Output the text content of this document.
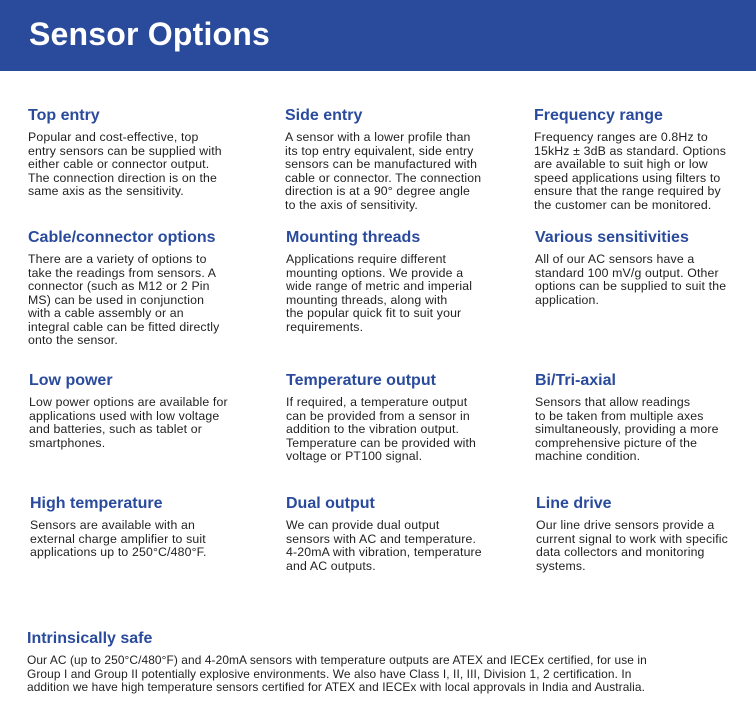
Sensor Options
Top entry

Popular and cost-effective, top
entry sensors can be supplied with
either cable or connector output.
The connection direction is on the
same axis as the sensitivity.

Side entry

A sensor with a lower profile than
its top entry equivalent, side entry
sensors can be manufactured with
cable or connector. The connection
direction is at a 90° degree angle
to the axis of sensitivity.

Frequency range

Frequency ranges are 0.8Hz to
15kHz ± 3dB as standard. Options
are available to suit high or low
speed applications using filters to
ensure that the range required by
the customer can be monitored.

Cable/connector options

There are a variety of options to
take the readings from sensors. A
connector (such as M12 or 2 Pin
MS) can be used in conjunction
with a cable assembly or an
integral cable can be fitted directly
onto the sensor.

Mounting threads

Applications require different
mounting options. We provide a
wide range of metric and imperial
mounting threads, along with
the popular quick fit to suit your
requirements.

Various sensitivities

All of our AC sensors have a
standard 100 mV/g output. Other
options can be supplied to suit the
application.

Low power

Low power options are available for
applications used with low voltage
and batteries, such as tablet or
smartphones.

Temperature output

If required, a temperature output
can be provided from a sensor in
addition to the vibration output.
Temperature can be provided with
voltage or PT100 signal.

Bi/Tri-axial

Sensors that allow readings
to be taken from multiple axes
simultaneously, providing a more
comprehensive picture of the
machine condition.

High temperature

Sensors are available with an
external charge amplifier to suit
applications up to 250°C/480°F.

Dual output

We can provide dual output
sensors with AC and temperature.
4-20mA with vibration, temperature
and AC outputs.

Line drive

Our line drive sensors provide a
current signal to work with specific
data collectors and monitoring
systems.

Intrinsically safe

Our AC (up to 250°C/480°F) and 4-20mA sensors with temperature outputs are ATEX and IECEx certified, for use in
Group I and Group II potentially explosive environments. We also have Class I, II, III, Division 1, 2 certification. In
addition we have high temperature sensors certified for ATEX and IECEx with local approvals in India and Australia.
